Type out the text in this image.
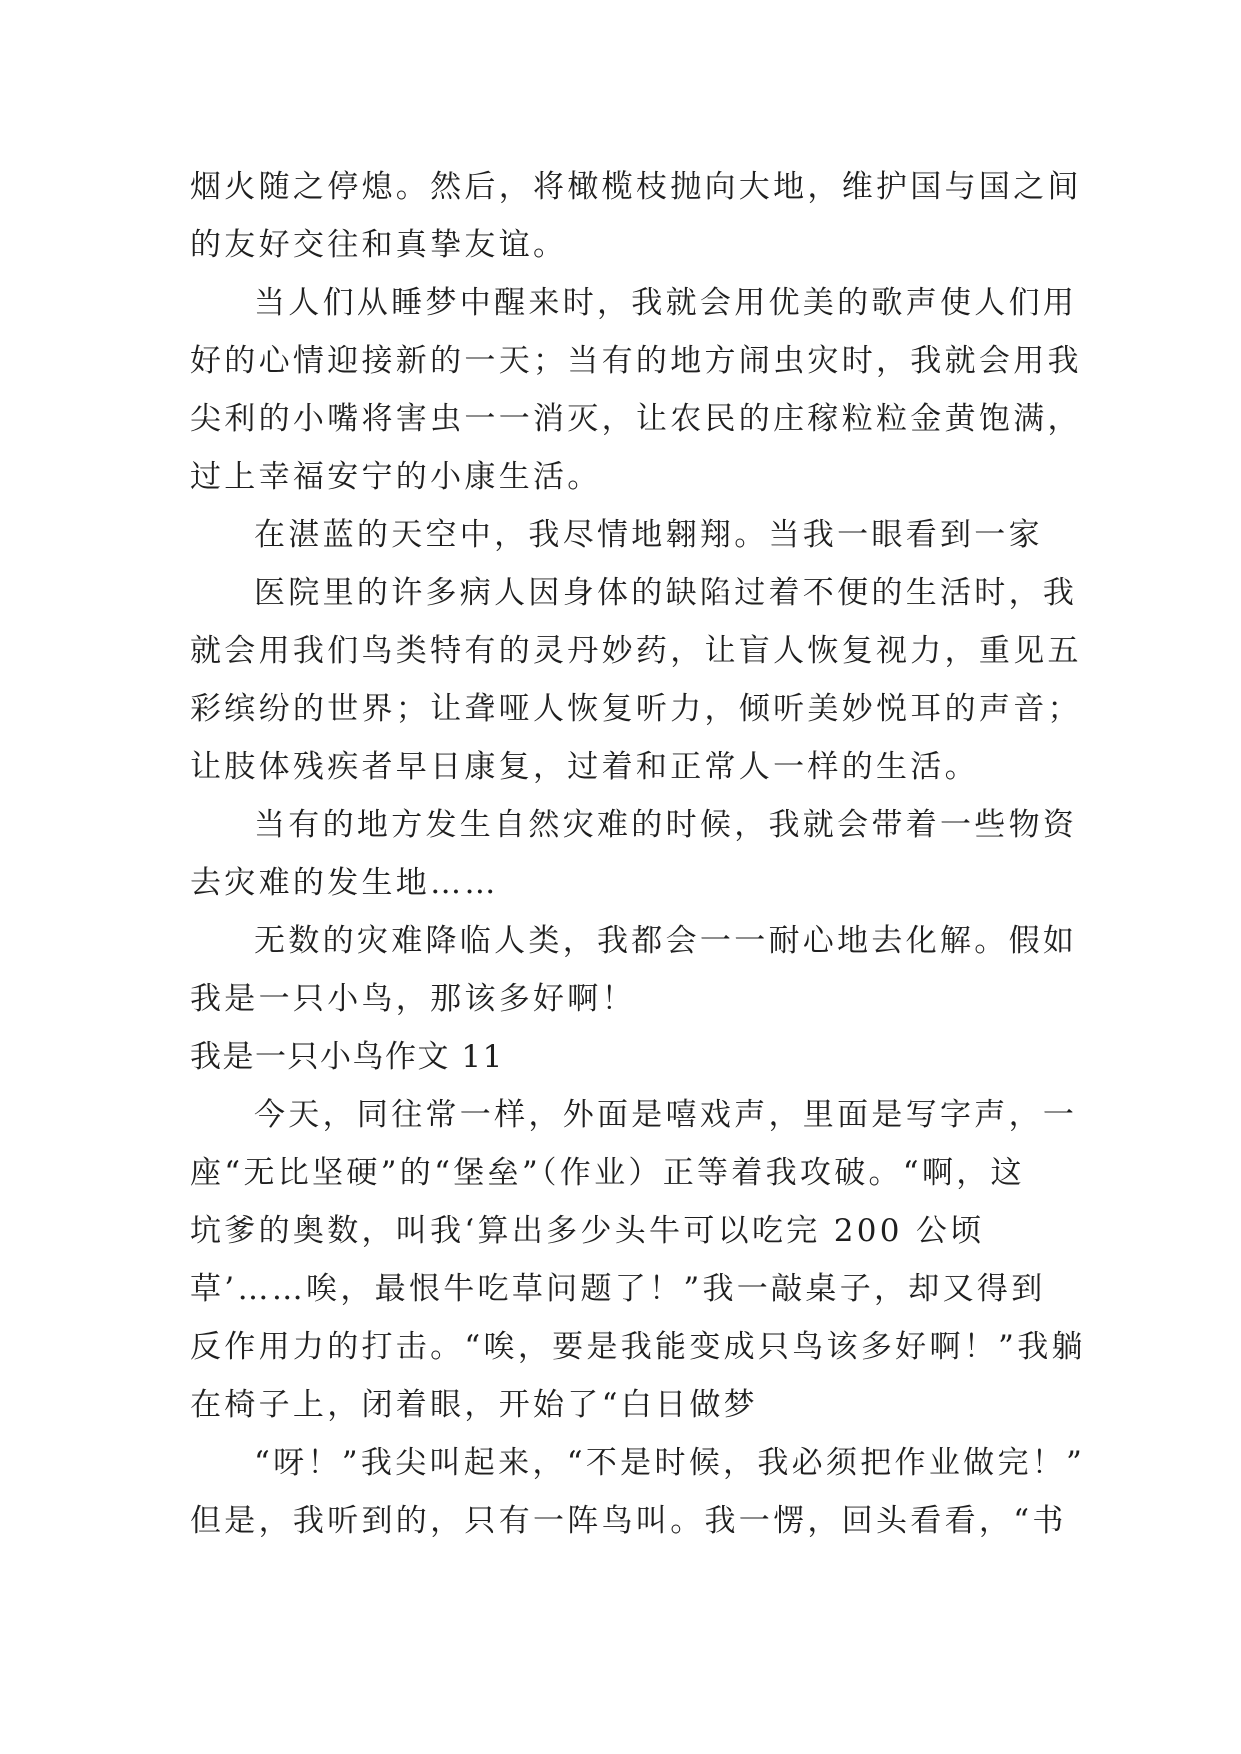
烟火随之停熄。然后，将橄榄枝抛向大地，维护国与国之间

的友好交往和真挚友谊。

当人们从睡梦中醒来时，我就会用优美的歌声使人们用

好的心情迎接新的一天；当有的地方闹虫灾时，我就会用我

尖利的小嘴将害虫一一消灭，让农民的庄稼粒粒金黄饱满，

过上幸福安宁的小康生活。

在湛蓝的天空中，我尽情地翱翔。当我一眼看到一家

医院里的许多病人因身体的缺陷过着不便的生活时，我

就会用我们鸟类特有的灵丹妙药，让盲人恢复视力，重见五

彩缤纷的世界；让聋哑人恢复听力，倾听美妙悦耳的声音；

让肢体残疾者早日康复，过着和正常人一样的生活。

当有的地方发生自然灾难的时候，我就会带着一些物资

去灾难的发生地……

无数的灾难降临人类，我都会一一耐心地去化解。假如

我是一只小鸟，那该多好啊！

我是一只小鸟作文 11

今天，同往常一样，外面是嘻戏声，里面是写字声，一

座“无比坚硬”的“堡垒”（作业）正等着我攻破。“啊，这

坑爹的奥数，叫我‘算出多少头牛可以吃完 200 公顷

草’……唉，最恨牛吃草问题了！”我一敲桌子，却又得到

反作用力的打击。“唉，要是我能变成只鸟该多好啊！”我躺

在椅子上，闭着眼，开始了“白日做梦

“呀！”我尖叫起来，“不是时候，我必须把作业做完！”

但是，我听到的，只有一阵鸟叫。我一愣，回头看看，“书
